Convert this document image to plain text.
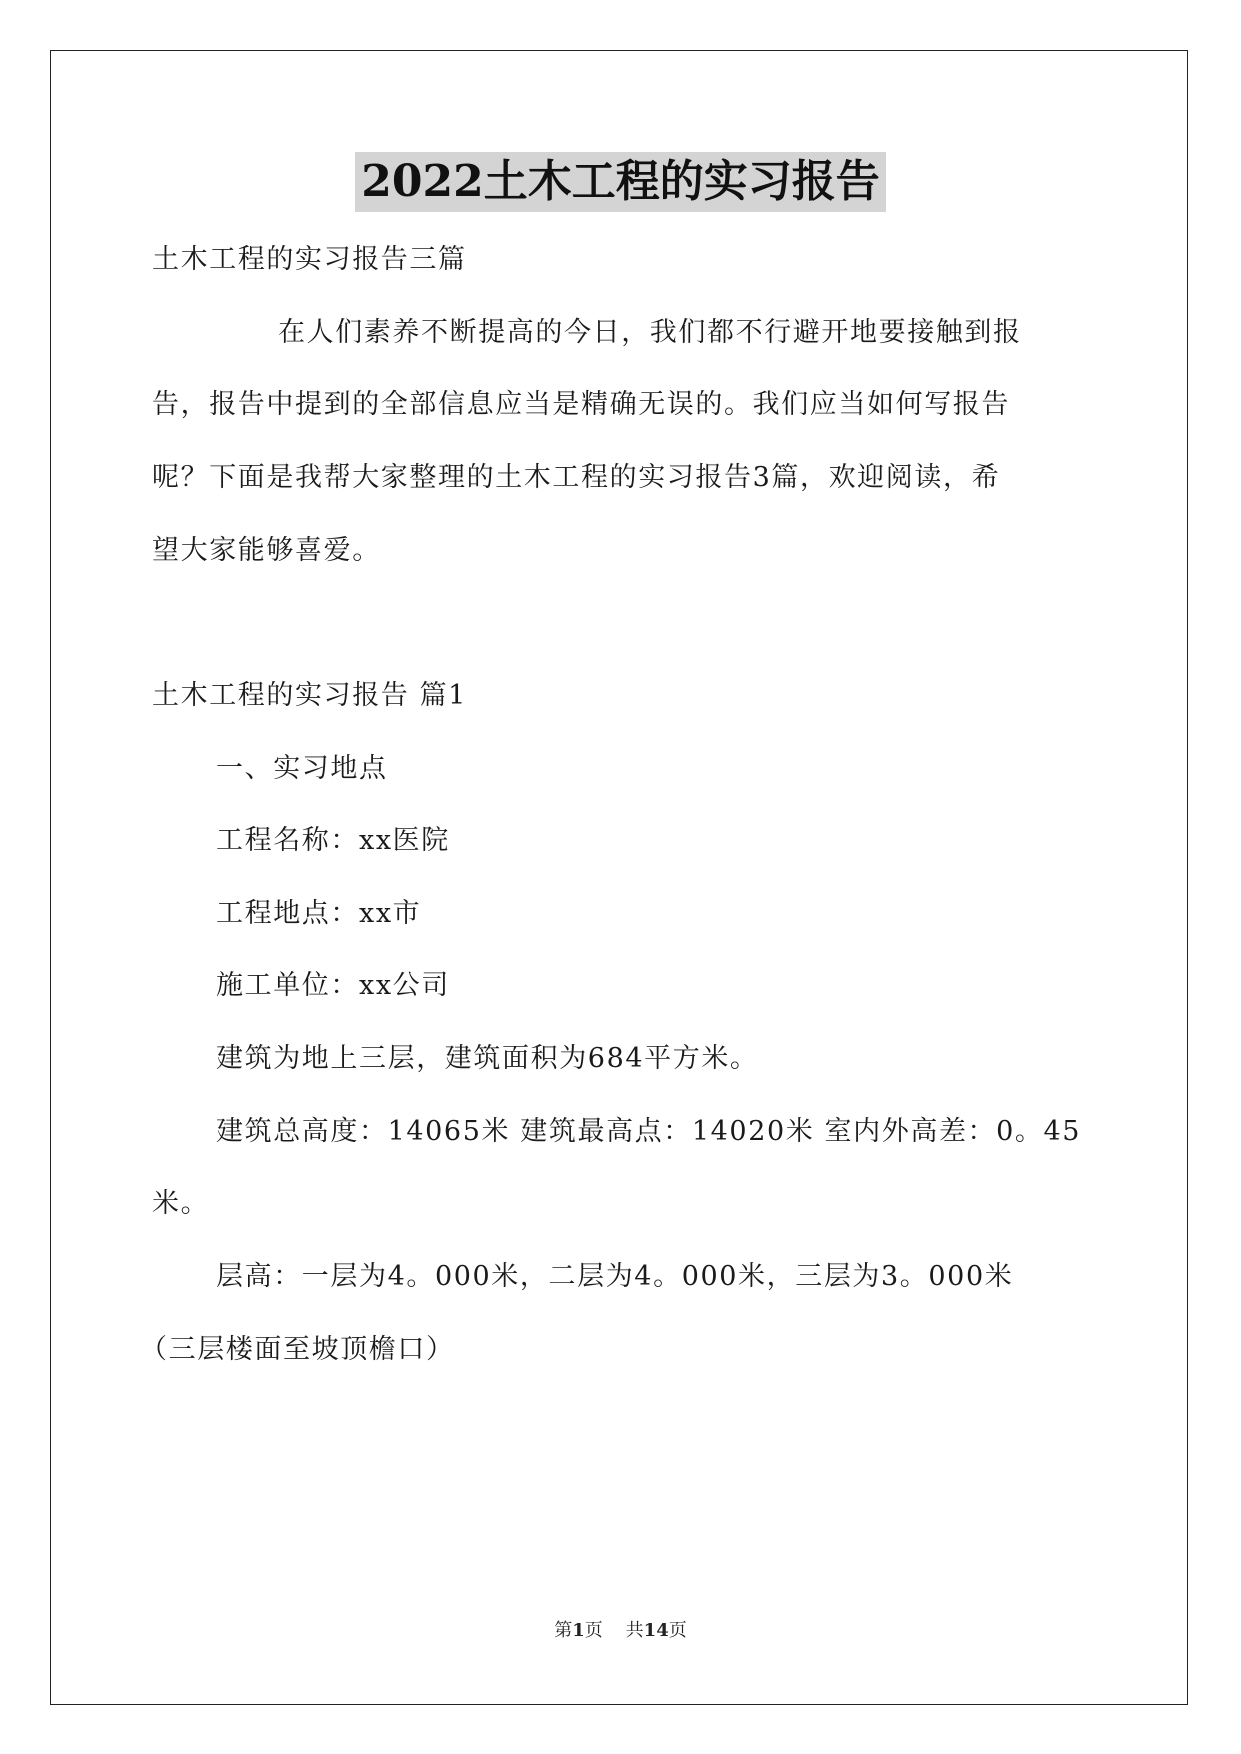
2022土木工程的实习报告
土木工程的实习报告三篇
在人们素养不断提高的今日，我们都不行避开地要接触到报
告，报告中提到的全部信息应当是精确无误的。我们应当如何写报告
呢？下面是我帮大家整理的土木工程的实习报告3篇，欢迎阅读，希
望大家能够喜爱。
土木工程的实习报告 篇1
一、实习地点
工程名称：xx医院
工程地点：xx市
施工单位：xx公司
建筑为地上三层，建筑面积为684平方米。
建筑总高度：14065米 建筑最高点：14020米 室内外高差：0。45
米。
层高：一层为4。000米，二层为4。000米，三层为3。000米
（三层楼面至坡顶檐口）
第1页 共14页
